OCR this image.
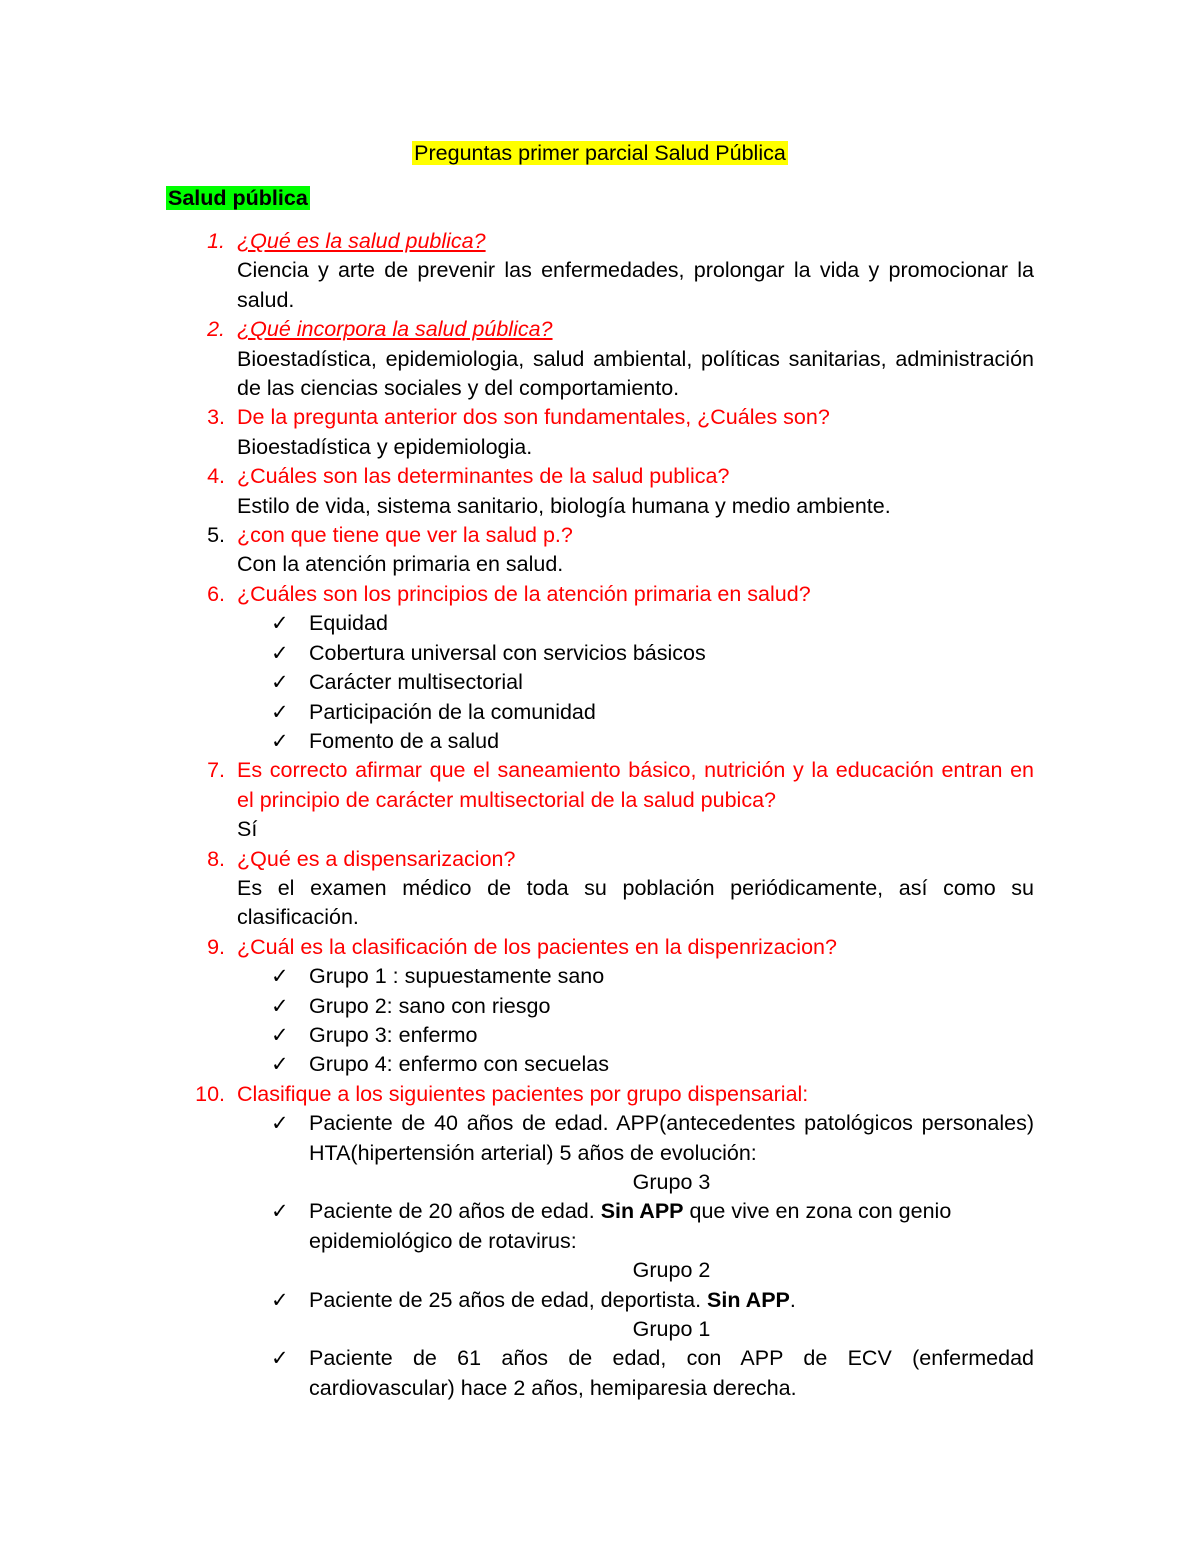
Preguntas primer parcial Salud Pública
Salud pública
1. ¿Qué es la salud publica?
Ciencia y arte de prevenir las enfermedades, prolongar la vida y promocionar la salud.
2. ¿Qué incorpora la salud pública?
Bioestadística, epidemiologia, salud ambiental, políticas sanitarias, administración de las ciencias sociales y del comportamiento.
3. De la pregunta anterior dos son fundamentales, ¿Cuáles son?
Bioestadística y epidemiologia.
4. ¿Cuáles son las determinantes de la salud publica?
Estilo de vida, sistema sanitario, biología humana y medio ambiente.
5. ¿con que tiene que ver la salud p.?
Con la atención primaria en salud.
6. ¿Cuáles son los principios de la atención primaria en salud?
✓ Equidad
✓ Cobertura universal con servicios básicos
✓ Carácter multisectorial
✓ Participación de la comunidad
✓ Fomento de a salud
7. Es correcto afirmar que el saneamiento básico, nutrición y la educación entran en el principio de carácter multisectorial de la salud pubica?
Sí
8. ¿Qué es a dispensarizacion?
Es el examen médico de toda su población periódicamente, así como su clasificación.
9. ¿Cuál es la clasificación de los pacientes en la dispenrizacion?
✓ Grupo 1 : supuestamente sano
✓ Grupo 2: sano con riesgo
✓ Grupo 3: enfermo
✓ Grupo 4: enfermo con secuelas
10. Clasifique a los siguientes pacientes por grupo dispensarial:
✓ Paciente de 40 años de edad. APP(antecedentes patológicos personales) HTA(hipertensión arterial) 5 años de evolución:
Grupo 3
✓ Paciente de 20 años de edad. Sin APP que vive en zona con genio epidemiológico de rotavirus:
Grupo 2
✓ Paciente de 25 años de edad, deportista. Sin APP.
Grupo 1
✓ Paciente de 61 años de edad, con APP de ECV (enfermedad cardiovascular) hace 2 años, hemiparesia derecha.
